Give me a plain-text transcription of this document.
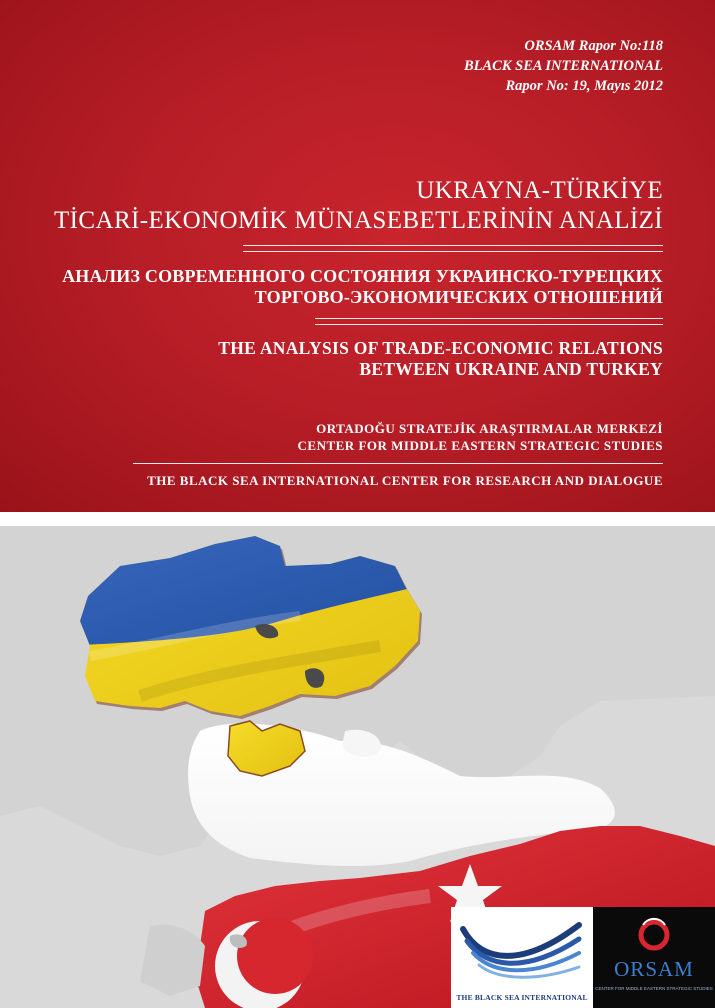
ORSAM Rapor No:118
BLACK SEA INTERNATIONAL
Rapor No: 19, Mayıs 2012
UKRAYNA-TÜRKİYE
TİCARİ-EKONOMİK MÜNASEBETLERİNİN ANALİZİ
АНАЛИЗ СОВРЕМЕННОГО СОСТОЯНИЯ УКРАИНСКО-ТУРЕЦКИХ
ТОРГОВО-ЭКОНОМИЧЕСКИХ ОТНОШЕНИЙ
THE ANALYSIS OF TRADE-ECONOMIC RELATIONS
BETWEEN UKRAINE AND TURKEY
ORTADOĞU STRATEJİK ARAŞTIRMALAR MERKEZİ
CENTER FOR MIDDLE EASTERN STRATEGIC STUDIES
THE BLACK SEA INTERNATIONAL CENTER FOR RESEARCH AND DIALOGUE
THE BLACK SEA INTERNATIONAL
ORSAM
CENTER FOR MIDDLE EASTERN STRATEGIC STUDIES
